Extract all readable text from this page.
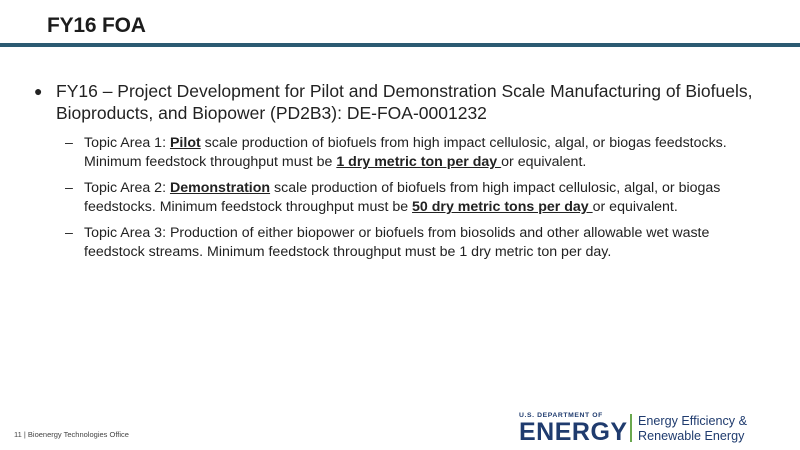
FY16 FOA
● FY16 – Project Development for Pilot and Demonstration Scale Manufacturing of Biofuels, Bioproducts, and Biopower (PD2B3): DE-FOA-0001232
– Topic Area 1: Pilot scale production of biofuels from high impact cellulosic, algal, or biogas feedstocks. Minimum feedstock throughput must be 1 dry metric ton per day or equivalent.
– Topic Area 2: Demonstration scale production of biofuels from high impact cellulosic, algal, or biogas feedstocks. Minimum feedstock throughput must be 50 dry metric tons per day or equivalent.
– Topic Area 3: Production of either biopower or biofuels from biosolids and other allowable wet waste feedstock streams. Minimum feedstock throughput must be 1 dry metric ton per day.
11 | Bioenergy Technologies Office
U.S. DEPARTMENT OF
ENERGY Energy Efficiency &
Renewable Energy
